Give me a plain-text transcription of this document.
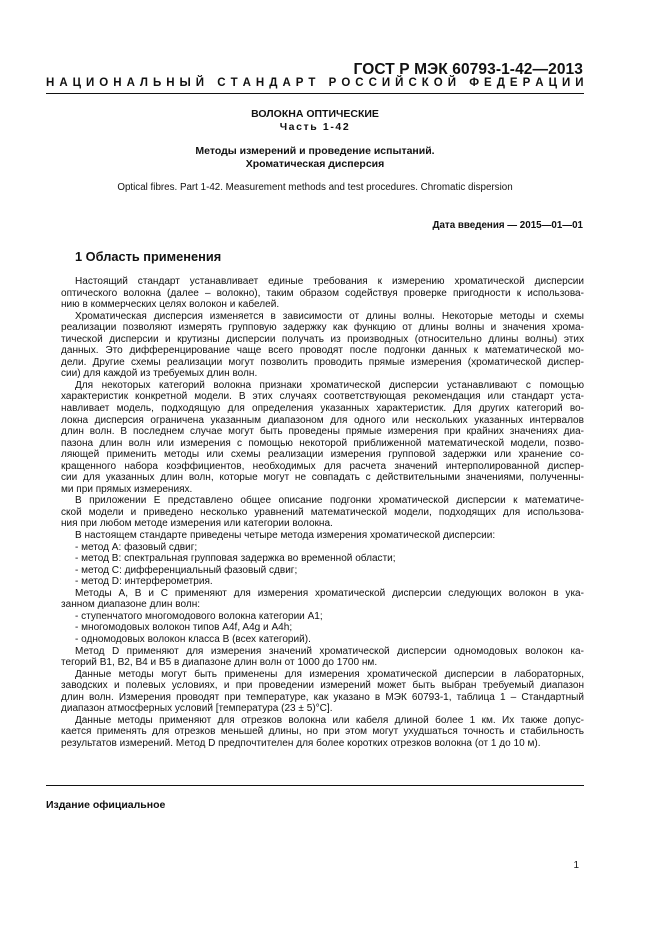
ГОСТ Р МЭК 60793-1-42—2013
Н А Ц И О Н А Л Ь Н Ы Й
С Т А Н Д А Р Т
Р О С С И Й С К О Й
Ф Е Д Е Р А Ц И И
ВОЛОКНА ОПТИЧЕСКИЕ
Часть 1-42
Методы измерений и проведение испытаний.
Хроматическая дисперсия
Optical fibres. Part 1-42. Measurement methods and test procedures. Chromatic dispersion
Дата введения — 2015—01—01
1 Область применения

Настоящий стандарт устанавливает единые требования к измерению хроматической дисперсии

оптического волокна (далее – волокно), таким образом содействуя проверке пригодности к использова-

нию в коммерческих целях волокон и кабелей.

Хроматическая дисперсия изменяется в зависимости от длины волны. Некоторые методы и схемы

реализации позволяют измерять групповую задержку как функцию от длины волны и значения хрома-

тической дисперсии и крутизны дисперсии получать из производных (относительно длины волны) этих

данных. Это дифференцирование чаще всего проводят после подгонки данных к математической мо-

дели. Другие схемы реализации могут позволить проводить прямые измерения (хроматической диспер-

сии) для каждой из требуемых длин волн.

Для некоторых категорий волокна признаки хроматической дисперсии устанавливают с помощью

характеристик конкретной модели. В этих случаях соответствующая рекомендация или стандарт уста-

навливает модель, подходящую для определения указанных характеристик. Для других категорий во-

локна дисперсия ограничена указанным диапазоном для одного или нескольких указанных интервалов

длин волн. В последнем случае могут быть проведены прямые измерения при крайних значениях диа-

пазона длин волн или измерения с помощью некоторой приближенной математической модели, позво-

ляющей применить методы или схемы реализации измерения групповой задержки или хранение со-

кращенного набора коэффициентов, необходимых для расчета значений интерполированной диспер-

сии для указанных длин волн, которые могут не совпадать с действительными значениями, полученны-

ми при прямых измерениях.

В приложении Е представлено общее описание подгонки хроматической дисперсии к математиче-

ской модели и приведено несколько уравнений математической модели, подходящих для использова-

ния при любом методе измерения или категории волокна.

В настоящем стандарте приведены четыре метода измерения хроматической дисперсии:

- метод A: фазовый сдвиг;

- метод B: спектральная групповая задержка во временной области;

- метод C: дифференциальный фазовый сдвиг;

- метод D: интерферометрия.

Методы A, B и C применяют для измерения хроматической дисперсии следующих волокон в ука-

занном диапазоне длин волн:

- ступенчатого многомодового волокна категории A1;

- многомодовых волокон типов A4f, A4g и A4h;

- одномодовых волокон класса B (всех категорий).

Метод D применяют для измерения значений хроматической дисперсии одномодовых волокон ка-

тегорий B1, B2, B4 и B5 в диапазоне длин волн от 1000 до 1700 нм.

Данные методы могут быть применены для измерения хроматической дисперсии в лабораторных,

заводских и полевых условиях, и при проведении измерений может быть выбран требуемый диапазон

длин волн. Измерения проводят при температуре, как указано в МЭК 60793-1, таблица 1 – Стандартный

диапазон атмосферных условий [температура (23 ± 5)°С].

Данные методы применяют для отрезков волокна или кабеля длиной более 1 км. Их также допус-

кается применять для отрезков меньшей длины, но при этом могут ухудшаться точность и стабильность

результатов измерений. Метод D предпочтителен для более коротких отрезков волокна (от 1 до 10 м).

Издание официальное
1
